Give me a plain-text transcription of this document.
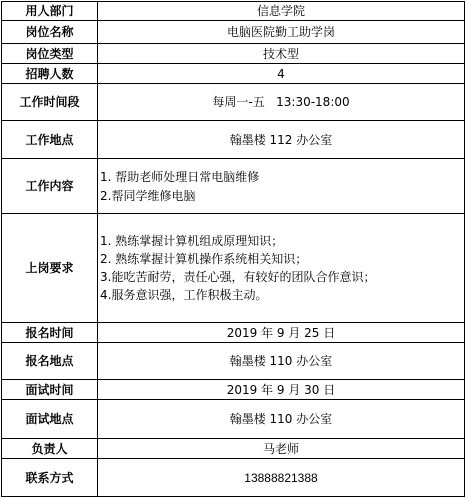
用人部门	信息学院
岗位名称	电脑医院勤工助学岗
岗位类型	技术型
招聘人数	4
工作时间段	每周一-五   13:30-18:00
工作地点	翰墨楼 112 办公室
工作内容	1. 帮助老师处理日常电脑维修
2.帮同学维修电脑

上岗要求	1. 熟练掌握计算机组成原理知识；
2. 熟练掌握计算机操作系统相关知识；
3.能吃苦耐劳，责任心强，有较好的团队合作意识；
4.服务意识强，工作积极主动。

报名时间	2019 年 9 月 25 日
报名地点	翰墨楼 110 办公室
面试时间	2019 年 9 月 30 日
面试地点	翰墨楼 110 办公室
负责人	马老师
联系方式	13888821388
